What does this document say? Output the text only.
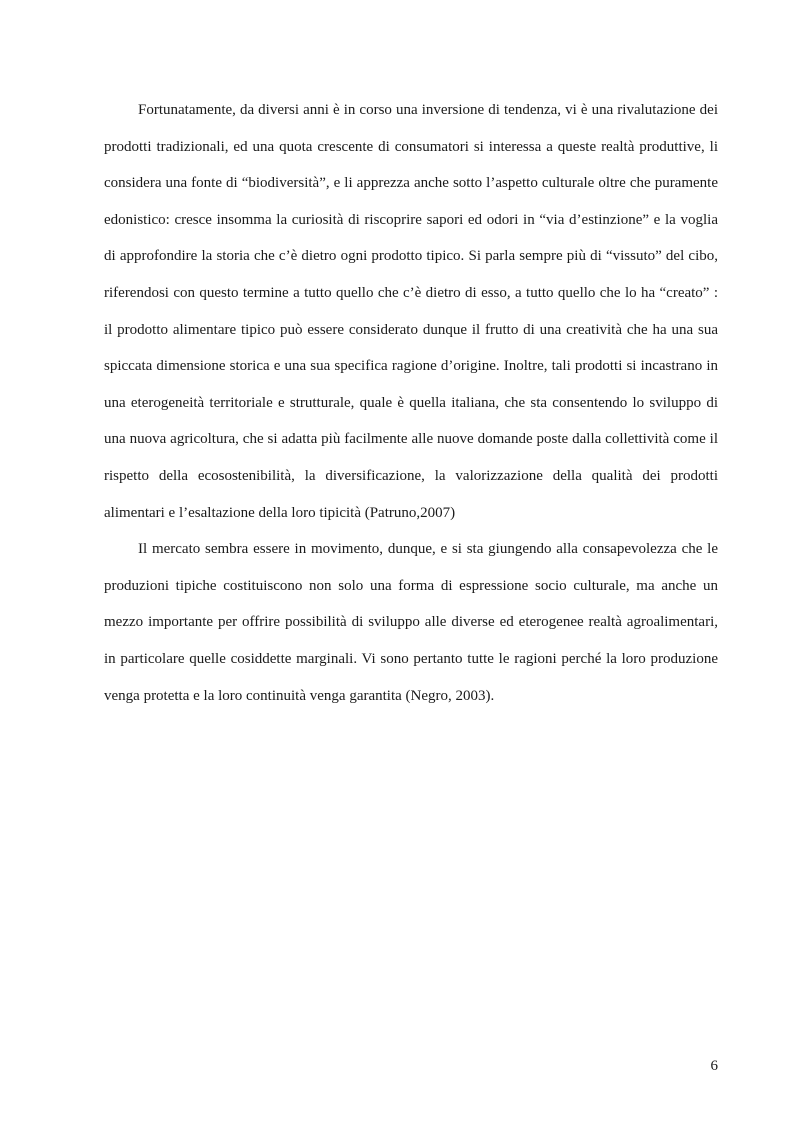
Fortunatamente, da diversi anni è in corso una inversione di tendenza, vi è una rivalutazione dei prodotti tradizionali, ed una quota crescente di consumatori si interessa a queste realtà produttive, li considera una fonte di “biodiversità”, e li apprezza anche sotto l’aspetto culturale oltre che puramente edonistico: cresce insomma la curiosità di riscoprire sapori ed odori in “via d’estinzione” e la voglia di approfondire la storia che c’è dietro ogni prodotto tipico. Si parla sempre più di “vissuto” del cibo, riferendosi con questo termine a tutto quello che c’è dietro di esso, a tutto quello che lo ha “creato” : il prodotto alimentare tipico può essere considerato dunque il frutto di una creatività che ha una sua spiccata dimensione storica e una sua specifica ragione d’origine. Inoltre, tali prodotti si incastrano in una eterogeneità territoriale e strutturale, quale è quella italiana, che sta consentendo lo sviluppo di una nuova agricoltura, che si adatta più facilmente alle nuove domande poste dalla collettività come il rispetto della ecosostenibilità, la diversificazione, la valorizzazione della qualità dei prodotti alimentari e l’esaltazione della loro tipicità (Patruno,2007)

Il mercato sembra essere in movimento, dunque, e si sta giungendo alla consapevolezza che le produzioni tipiche costituiscono non solo una forma di espressione socio culturale, ma anche un mezzo importante per offrire possibilità di sviluppo alle diverse ed eterogenee realtà agroalimentari, in particolare quelle cosiddette marginali. Vi sono pertanto tutte le ragioni perché la loro produzione venga protetta e la loro continuità venga garantita (Negro, 2003).

6
